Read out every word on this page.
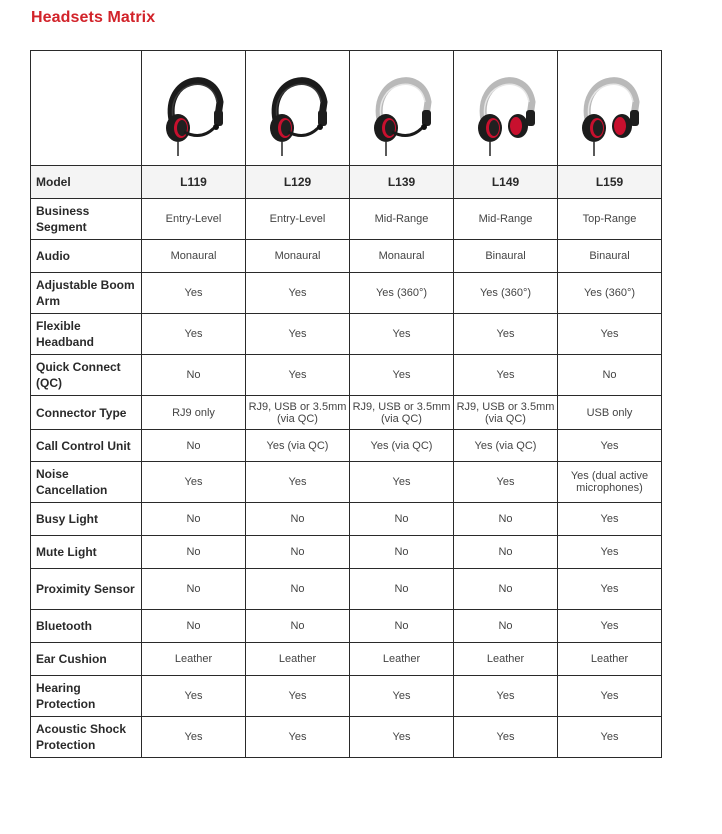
Headsets Matrix

Model	L119	L129	L139	L149	L159
Business Segment	Entry-Level	Entry-Level	Mid-Range	Mid-Range	Top-Range
Audio	Monaural	Monaural	Monaural	Binaural	Binaural
Adjustable Boom Arm	Yes	Yes	Yes (360°)	Yes (360°)	Yes (360°)
Flexible Headband	Yes	Yes	Yes	Yes	Yes
Quick Connect (QC)	No	Yes	Yes	Yes	No
Connector Type	RJ9 only	RJ9, USB or 3.5mm (via QC)	RJ9, USB or 3.5mm (via QC)	RJ9, USB or 3.5mm (via QC)	USB only
Call Control Unit	No	Yes (via QC)	Yes (via QC)	Yes (via QC)	Yes
Noise Cancellation	Yes	Yes	Yes	Yes	Yes (dual active microphones)
Busy Light	No	No	No	No	Yes
Mute Light	No	No	No	No	Yes
Proximity Sensor	No	No	No	No	Yes
Bluetooth	No	No	No	No	Yes
Ear Cushion	Leather	Leather	Leather	Leather	Leather
Hearing Protection	Yes	Yes	Yes	Yes	Yes
Acoustic Shock Protection	Yes	Yes	Yes	Yes	Yes
